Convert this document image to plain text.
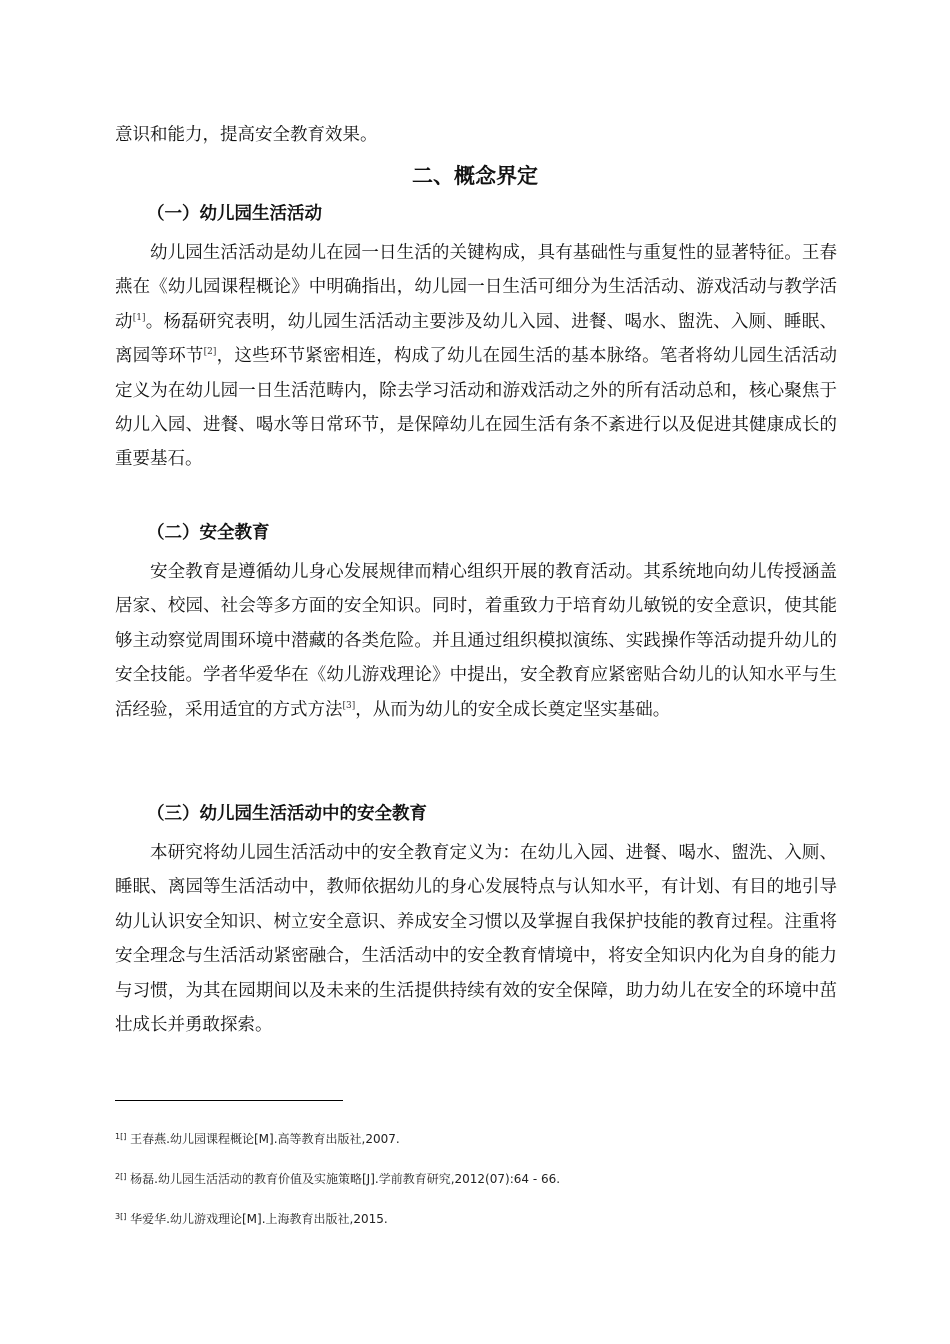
意识和能力，提高安全教育效果。

二、概念界定
（一）幼儿园生活活动

幼儿园生活活动是幼儿在园一日生活的关键构成，具有基础性与重复性的显著特征。王春燕在《幼儿园课程概论》中明确指出，幼儿园一日生活可细分为生活活动、游戏活动与教学活动[1]。杨磊研究表明，幼儿园生活活动主要涉及幼儿入园、进餐、喝水、盥洗、入厕、睡眠、离园等环节[2]，这些环节紧密相连，构成了幼儿在园生活的基本脉络。笔者将幼儿园生活活动定义为在幼儿园一日生活范畴内，除去学习活动和游戏活动之外的所有活动总和，核心聚焦于幼儿入园、进餐、喝水等日常环节，是保障幼儿在园生活有条不紊进行以及促进其健康成长的重要基石。

（二）安全教育

安全教育是遵循幼儿身心发展规律而精心组织开展的教育活动。其系统地向幼儿传授涵盖居家、校园、社会等多方面的安全知识。同时，着重致力于培育幼儿敏锐的安全意识，使其能够主动察觉周围环境中潜藏的各类危险。并且通过组织模拟演练、实践操作等活动提升幼儿的安全技能。学者华爱华在《幼儿游戏理论》中提出，安全教育应紧密贴合幼儿的认知水平与生活经验，采用适宜的方式方法[3]，从而为幼儿的安全成长奠定坚实基础。

（三）幼儿园生活活动中的安全教育

本研究将幼儿园生活活动中的安全教育定义为：在幼儿入园、进餐、喝水、盥洗、入厕、睡眠、离园等生活活动中，教师依据幼儿的身心发展特点与认知水平，有计划、有目的地引导幼儿认识安全知识、树立安全意识、养成安全习惯以及掌握自我保护技能的教育过程。注重将安全理念与生活活动紧密融合，生活活动中的安全教育情境中，将安全知识内化为自身的能力与习惯，为其在园期间以及未来的生活提供持续有效的安全保障，助力幼儿在安全的环境中茁壮成长并勇敢探索。

$^{1[]}$ 王春燕.幼儿园课程概论[M].高等教育出版社,2007.

$^{2[]}$ 杨磊.幼儿园生活活动的教育价值及实施策略[J].学前教育研究,2012(07):64 - 66.

$^{3[]}$ 华爱华.幼儿游戏理论[M].上海教育出版社,2015.
